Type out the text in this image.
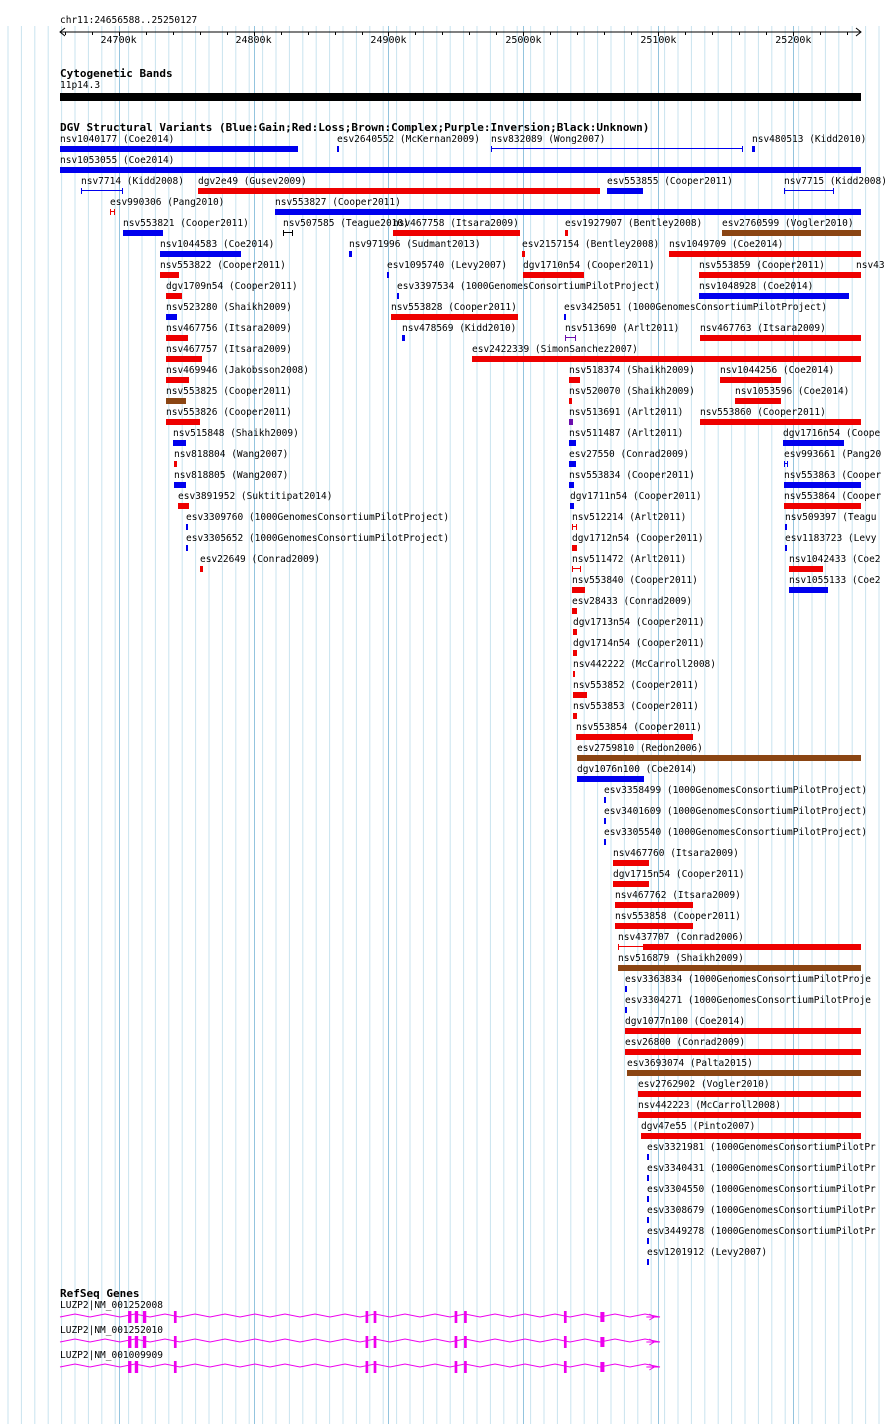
chr11:24656588..25250127
24700k	24800k	24900k	25000k	25100k	25200k
Cytogenetic Bands
11p14.3
DGV Structural Variants (Blue:Gain;Red:Loss;Brown:Complex;Purple:Inversion;Black:Unknown)
nsv1040177 (Coe2014)	esv2640552 (McKernan2009) nsv832089 (Wong2007)	nsv480513 (Kidd2010)
nsv1053055 (Coe2014)
nsv7714 (Kidd2008) dgv2e49 (Gusev2009)	esv553855 (Cooper2011)	nsv7715 (Kidd2008)
esv990306 (Pang2010)	nsv553827 (Cooper2011)
nsv553821 (Cooper2011)	nsv507585 (Teague2010)
nsv467758 (Itsara2009)	esv1927907 (Bentley2008) esv2760599 (Vogler2010)
nsv1044583 (Coe2014)	nsv971996 (Sudmant2013)	esv2157154 (Bentley2008) nsv1049709 (Coe2014)
nsv553822 (Cooper2011)	esv1095740 (Levy2007) dgv1710n54 (Cooper2011)	nsv553859 (Cooper2011)	nsv43
dgv1709n54 (Cooper2011)	esv3397534 (1000GenomesConsortiumPilotProject)	nsv1048928 (Coe2014)
nsv523280 (Shaikh2009)	nsv553828 (Cooper2011)	esv3425051 (1000GenomesConsortiumPilotProject)
nsv467756 (Itsara2009)	nsv478569 (Kidd2010)	nsv513690 (Arlt2011) nsv467763 (Itsara2009)
nsv467757 (Itsara2009)	esv2422339 (SimonSanchez2007)
nsv469946 (Jakobsson2008)	nsv518374 (Shaikh2009)	nsv1044256 (Coe2014)
nsv553825 (Cooper2011)	nsv520070 (Shaikh2009)	nsv1053596 (Coe2014)
nsv553826 (Cooper2011)	nsv513691 (Arlt2011) nsv553860 (Cooper2011)
nsv515848 (Shaikh2009)	nsv511487 (Arlt2011)	dgv1716n54 (Coope
nsv818804 (Wang2007)	esv27550 (Conrad2009)	esv993661 (Pang20
nsv818805 (Wang2007)	nsv553834 (Cooper2011)	nsv553863 (Cooper
esv3891952 (Suktitipat2014)	dgv1711n54 (Cooper2011)	nsv553864 (Cooper
esv3309760 (1000GenomesConsortiumPilotProject)	nsv512214 (Arlt2011)	nsv509397 (Teagu
esv3305652 (1000GenomesConsortiumPilotProject)	dgv1712n54 (Cooper2011)	esv1183723 (Levy
esv22649 (Conrad2009)	nsv511472 (Arlt2011)	nsv1042433 (Coe2
nsv553840 (Cooper2011)	nsv1055133 (Coe2
esv28433 (Conrad2009)
dgv1713n54 (Cooper2011)
dgv1714n54 (Cooper2011)
nsv442222 (McCarroll2008)
nsv553852 (Cooper2011)
nsv553853 (Cooper2011)
nsv553854 (Cooper2011)
esv2759810 (Redon2006)
dgv1076n100 (Coe2014)
esv3358499 (1000GenomesConsortiumPilotProject)
esv3401609 (1000GenomesConsortiumPilotProject)
esv3305540 (1000GenomesConsortiumPilotProject)
nsv467760 (Itsara2009)
dgv1715n54 (Cooper2011)
nsv467762 (Itsara2009)
nsv553858 (Cooper2011)
nsv437707 (Conrad2006)
nsv516879 (Shaikh2009)
esv3363834 (1000GenomesConsortiumPilotProje
esv3304271 (1000GenomesConsortiumPilotProje
dgv1077n100 (Coe2014)
esv26800 (Conrad2009)
esv3693074 (Palta2015)
esv2762902 (Vogler2010)
nsv442223 (McCarroll2008)
dgv47e55 (Pinto2007)
esv3321981 (1000GenomesConsortiumPilotPr
esv3340431 (1000GenomesConsortiumPilotPr
esv3304550 (1000GenomesConsortiumPilotPr
esv3308679 (1000GenomesConsortiumPilotPr
esv3449278 (1000GenomesConsortiumPilotPr
esv1201912 (Levy2007)
RefSeq Genes
LUZP2|NM_001252008
LUZP2|NM_001252010
LUZP2|NM_001009909
